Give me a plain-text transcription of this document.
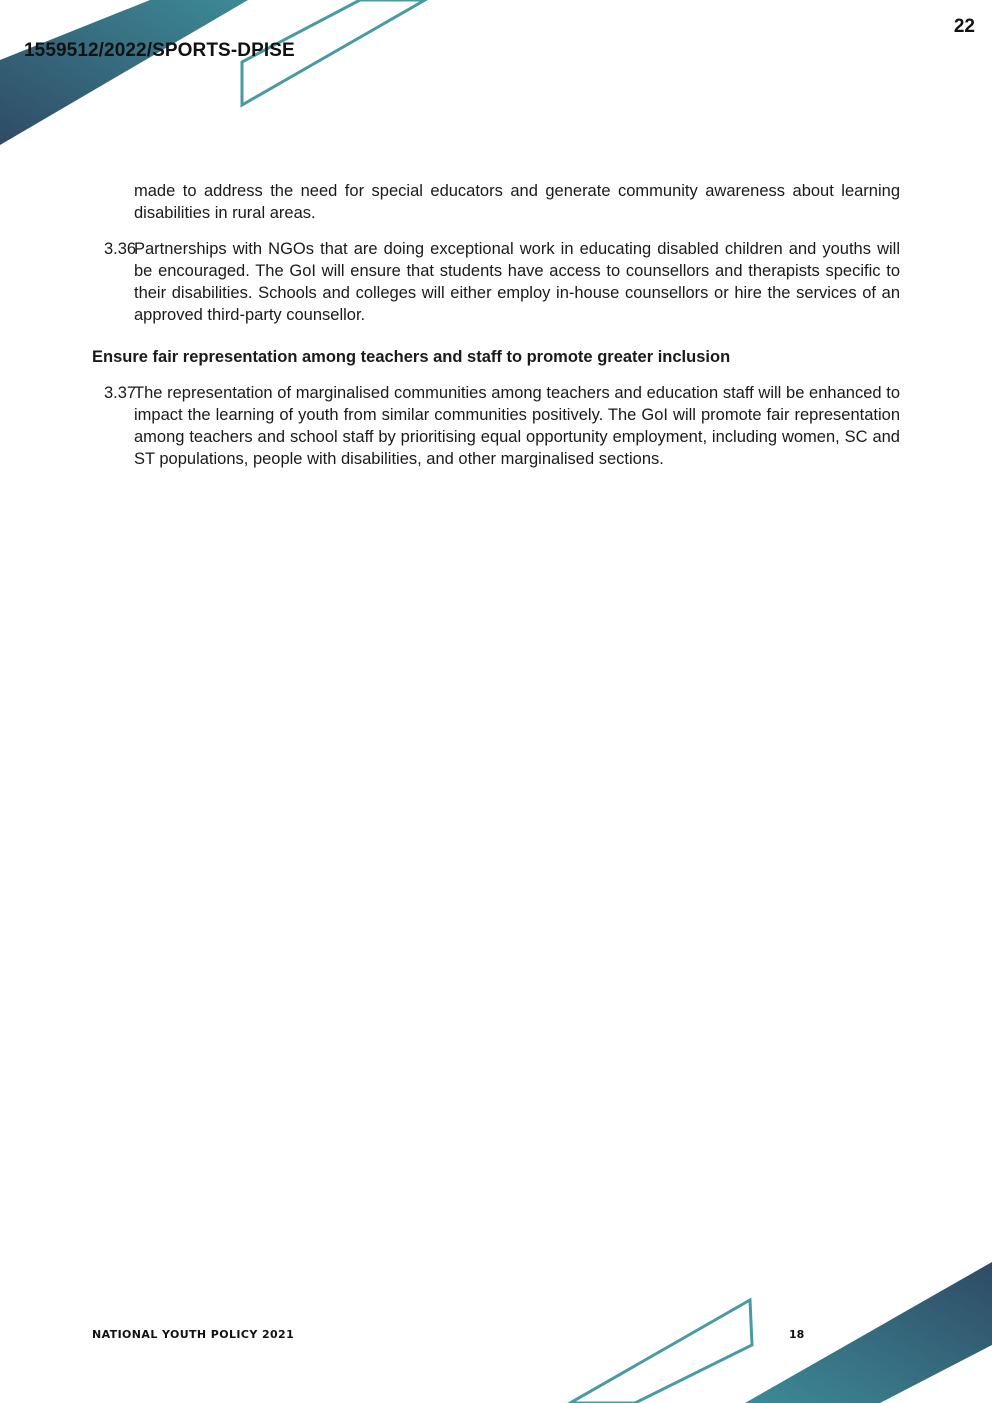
1559512/2022/SPORTS-DPISE
22

made to address the need for special educators and generate community awareness about learning disabilities in rural areas.

3.36

Partnerships with NGOs that are doing exceptional work in educating disabled children and youths will be encouraged. The GoI will ensure that students have access to counsellors and therapists specific to their disabilities. Schools and colleges will either employ in-house counsellors or hire the services of an approved third-party counsellor.

Ensure fair representation among teachers and staff to promote greater inclusion
3.37

The representation of marginalised communities among teachers and education staff will be enhanced to impact the learning of youth from similar communities positively. The GoI will promote fair representation among teachers and school staff by prioritising equal opportunity employment, including women, SC and ST populations, people with disabilities, and other marginalised sections.

NATIONAL YOUTH POLICY 2021	18
